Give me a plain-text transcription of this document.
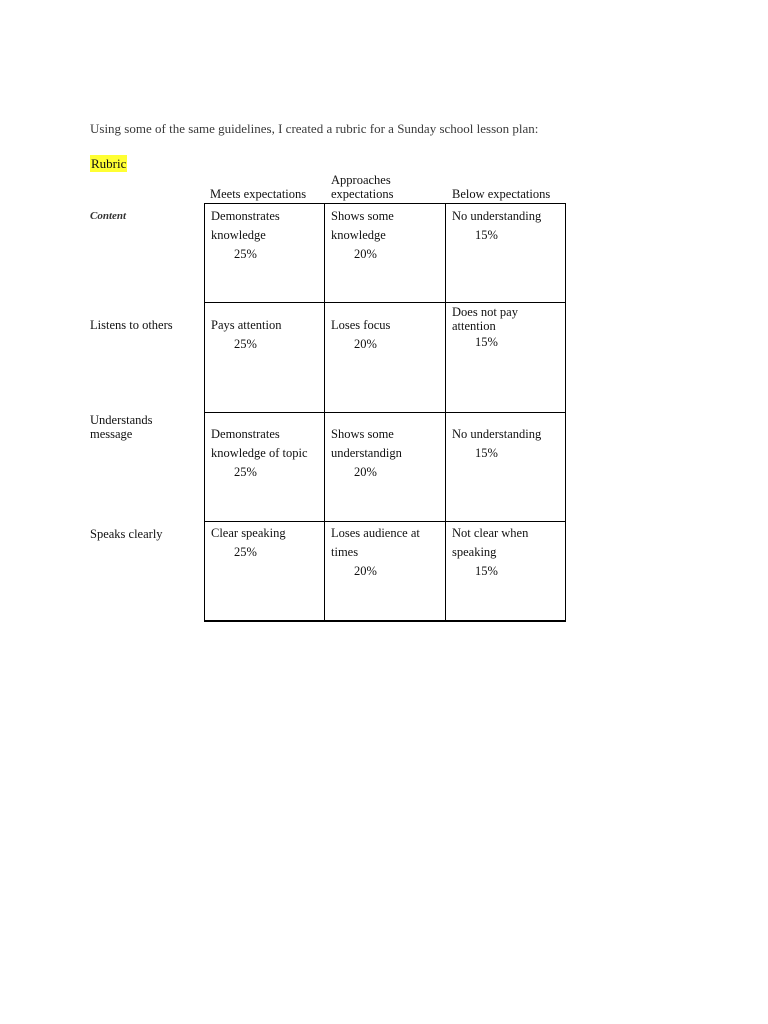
Using some of the same guidelines, I created a rubric for a Sunday school lesson plan:
Rubric
Meets expectations
Approaches expectations	Below expectations
Content
Listens to others
Understands message
Speaks clearly
Demonstrates knowledge
25%
Shows some knowledge
20%
No understanding
15%
Pays attention
25%
Loses focus
20%
Does not pay attention
15%
Demonstrates knowledge of topic
25%
Shows some understandign
20%
No understanding
15%
Clear speaking
25%
Loses audience at times
20%
Not clear when speaking
15%
